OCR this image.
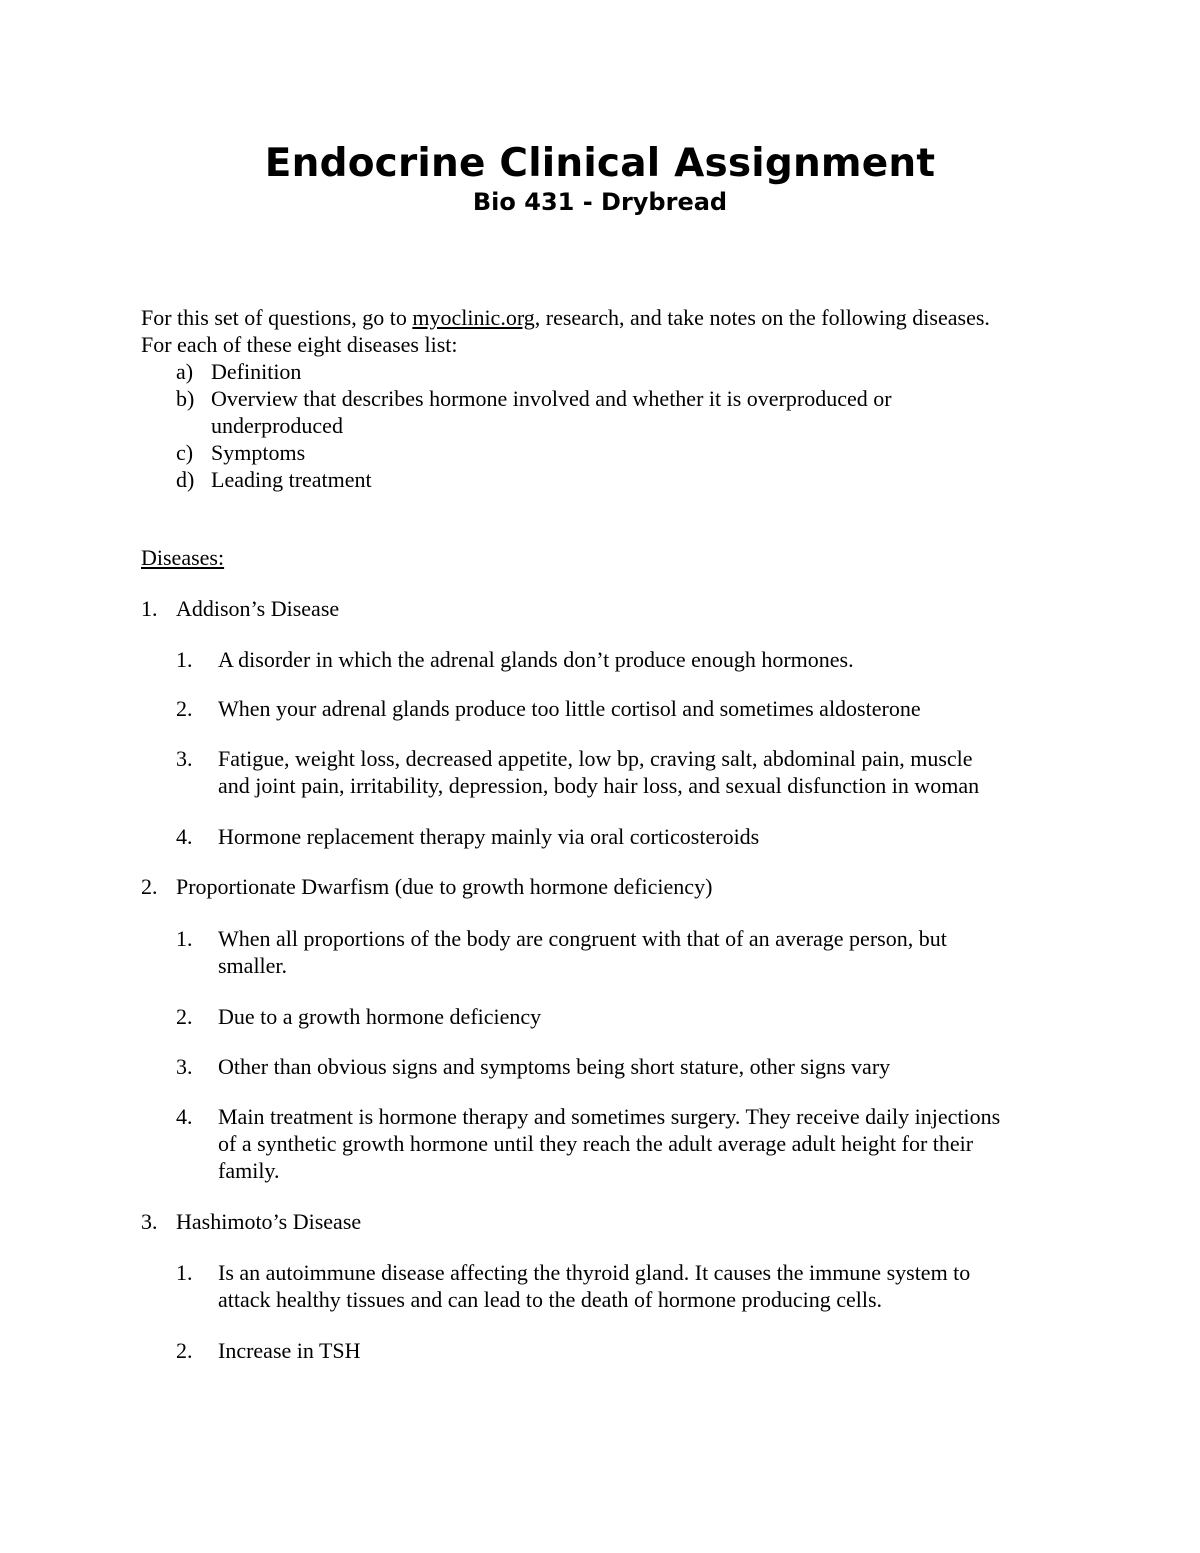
Endocrine Clinical Assignment
Bio 431 - Drybread
For this set of questions, go to myoclinic.org, research, and take notes on the following diseases.
For each of these eight diseases list:
a) Definition
b) Overview that describes hormone involved and whether it is overproduced or
underproduced
c) Symptoms
d) Leading treatment
Diseases:
1. Addison’s Disease
1. A disorder in which the adrenal glands don’t produce enough hormones.
2. When your adrenal glands produce too little cortisol and sometimes aldosterone
3. Fatigue, weight loss, decreased appetite, low bp, craving salt, abdominal pain, muscle
and joint pain, irritability, depression, body hair loss, and sexual disfunction in woman
4. Hormone replacement therapy mainly via oral corticosteroids
2. Proportionate Dwarfism (due to growth hormone deficiency)
1. When all proportions of the body are congruent with that of an average person, but
smaller.
2. Due to a growth hormone deficiency
3. Other than obvious signs and symptoms being short stature, other signs vary
4. Main treatment is hormone therapy and sometimes surgery. They receive daily injections
of a synthetic growth hormone until they reach the adult average adult height for their
family.
3. Hashimoto’s Disease
1. Is an autoimmune disease affecting the thyroid gland. It causes the immune system to
attack healthy tissues and can lead to the death of hormone producing cells.
2. Increase in TSH
